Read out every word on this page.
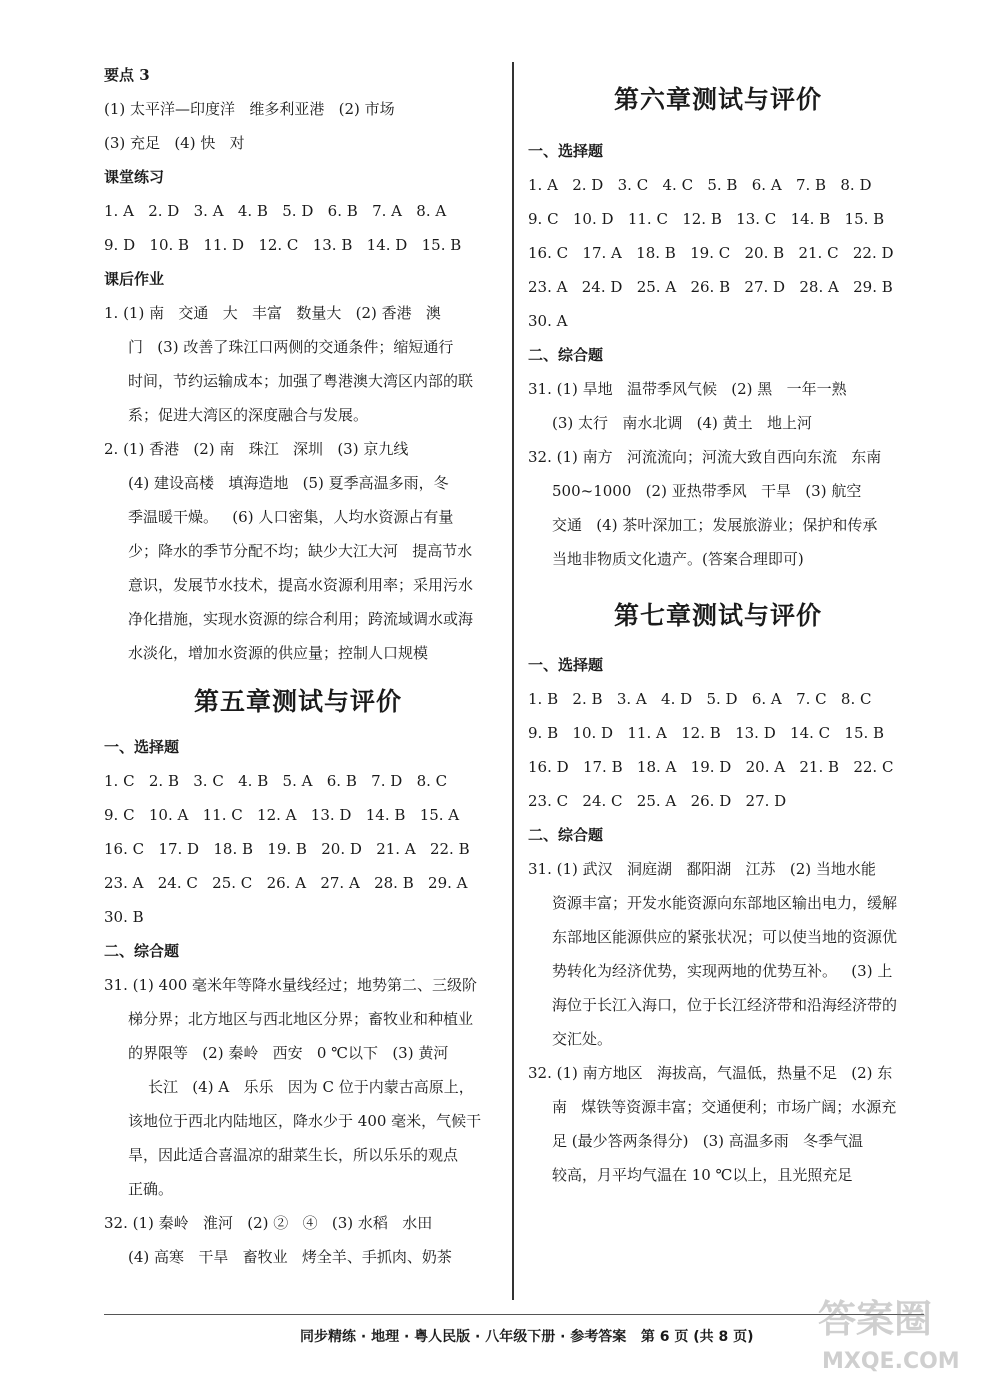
要点 3
(1) 太平洋—印度洋   维多利亚港   (2) 市场
(3) 充足   (4) 快   对
课堂练习
1. A   2. D   3. A   4. B   5. D   6. B   7. A   8. A
9. D   10. B   11. D   12. C   13. B   14. D   15. B
课后作业
1. (1) 南   交通   大   丰富   数量大   (2) 香港   澳
门   (3) 改善了珠江口两侧的交通条件；缩短通行
时间，节约运输成本；加强了粤港澳大湾区内部的联
系；促进大湾区的深度融合与发展。
2. (1) 香港   (2) 南   珠江   深圳   (3) 京九线
(4) 建设高楼   填海造地   (5) 夏季高温多雨，冬
季温暖干燥。   (6) 人口密集，人均水资源占有量
少；降水的季节分配不均；缺少大江大河   提高节水
意识，发展节水技术，提高水资源利用率；采用污水
净化措施，实现水资源的综合利用；跨流域调水或海
水淡化，增加水资源的供应量；控制人口规模
第五章测试与评价
一、选择题
1. C   2. B   3. C   4. B   5. A   6. B   7. D   8. C
9. C   10. A   11. C   12. A   13. D   14. B   15. A
16. C   17. D   18. B   19. B   20. D   21. A   22. B
23. A   24. C   25. C   26. A   27. A   28. B   29. A
30. B
二、综合题
31. (1) 400 毫米年等降水量线经过；地势第二、三级阶
梯分界；北方地区与西北地区分界；畜牧业和种植业
的界限等   (2) 秦岭   西安   0 ℃以下   (3) 黄河
长江   (4) A   乐乐   因为 C 位于内蒙古高原上，
该地位于西北内陆地区，降水少于 400 毫米，气候干
旱，因此适合喜温凉的甜菜生长，所以乐乐的观点
正确。
32. (1) 秦岭   淮河   (2) ②   ④   (3) 水稻   水田
(4) 高寒   干旱   畜牧业   烤全羊、手抓肉、奶茶
第六章测试与评价
一、选择题
1. A   2. D   3. C   4. C   5. B   6. A   7. B   8. D
9. C   10. D   11. C   12. B   13. C   14. B   15. B
16. C   17. A   18. B   19. C   20. B   21. C   22. D
23. A   24. D   25. A   26. B   27. D   28. A   29. B
30. A
二、综合题
31. (1) 旱地   温带季风气候   (2) 黑   一年一熟
(3) 太行   南水北调   (4) 黄土   地上河
32. (1) 南方   河流流向；河流大致自西向东流   东南
500~1000   (2) 亚热带季风   干旱   (3) 航空
交通   (4) 茶叶深加工；发展旅游业；保护和传承
当地非物质文化遗产。(答案合理即可)
第七章测试与评价
一、选择题
1. B   2. B   3. A   4. D   5. D   6. A   7. C   8. C
9. B   10. D   11. A   12. B   13. D   14. C   15. B
16. D   17. B   18. A   19. D   20. A   21. B   22. C
23. C   24. C   25. A   26. D   27. D
二、综合题
31. (1) 武汉   洞庭湖   鄱阳湖   江苏   (2) 当地水能
资源丰富；开发水能资源向东部地区输出电力，缓解
东部地区能源供应的紧张状况；可以使当地的资源优
势转化为经济优势，实现两地的优势互补。   (3) 上
海位于长江入海口，位于长江经济带和沿海经济带的
交汇处。
32. (1) 南方地区   海拔高，气温低，热量不足   (2) 东
南   煤铁等资源丰富；交通便利；市场广阔；水源充
足 (最少答两条得分)   (3) 高温多雨   冬季气温
较高，月平均气温在 10 ℃以上，且光照充足
同步精练 · 地理 · 粤人民版 · 八年级下册 · 参考答案   第 6 页 (共 8 页) 答案圈
MXQE.COM
